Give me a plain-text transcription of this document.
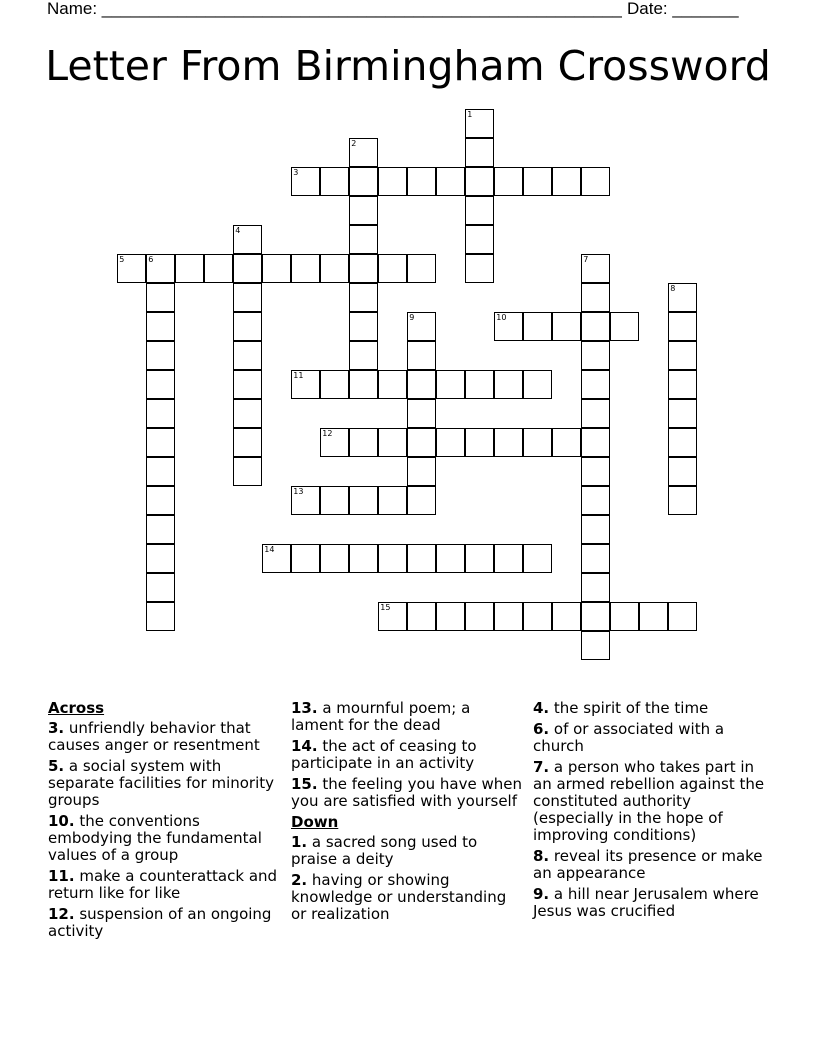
Name: _______________________________________________________ Date: _______
Letter From Birmingham Crossword
1
2
3
4
5	6	7
8
9	10
11
12
13
14
15
Across
3. unfriendly behavior that causes anger or resentment
5. a social system with separate facilities for minority groups
10. the conventions embodying the fundamental values of a group
11. make a counterattack and return like for like
12. suspension of an ongoing activity
13. a mournful poem; a lament for the dead
14. the act of ceasing to participate in an activity
15. the feeling you have when you are satisfied with yourself
Down
1. a sacred song used to praise a deity
2. having or showing knowledge or understanding or realization
4. the spirit of the time
6. of or associated with a church
7. a person who takes part in an armed rebellion against the constituted authority (especially in the hope of improving conditions)
8. reveal its presence or make an appearance
9. a hill near Jerusalem where Jesus was crucified
